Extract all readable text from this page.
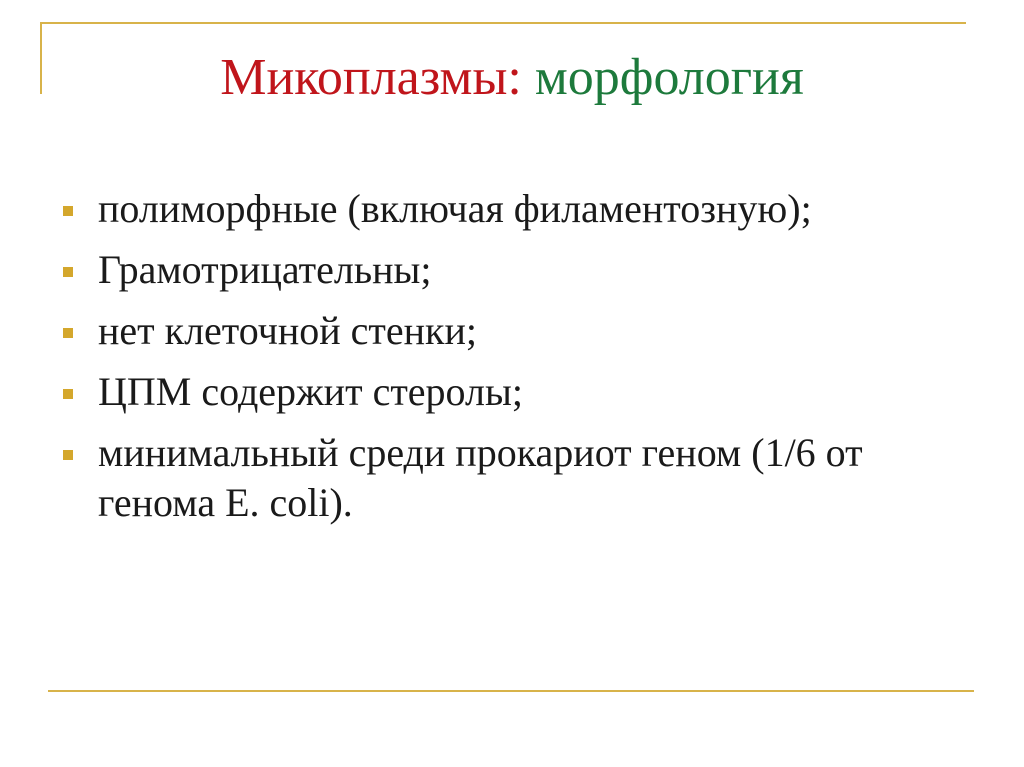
Микоплазмы: морфология
полиморфные (включая филаментозную);
Грамотрицательны;
нет клеточной стенки;
ЦПМ содержит стеролы;
минимальный среди прокариот геном (1/6 от генома E. coli).
